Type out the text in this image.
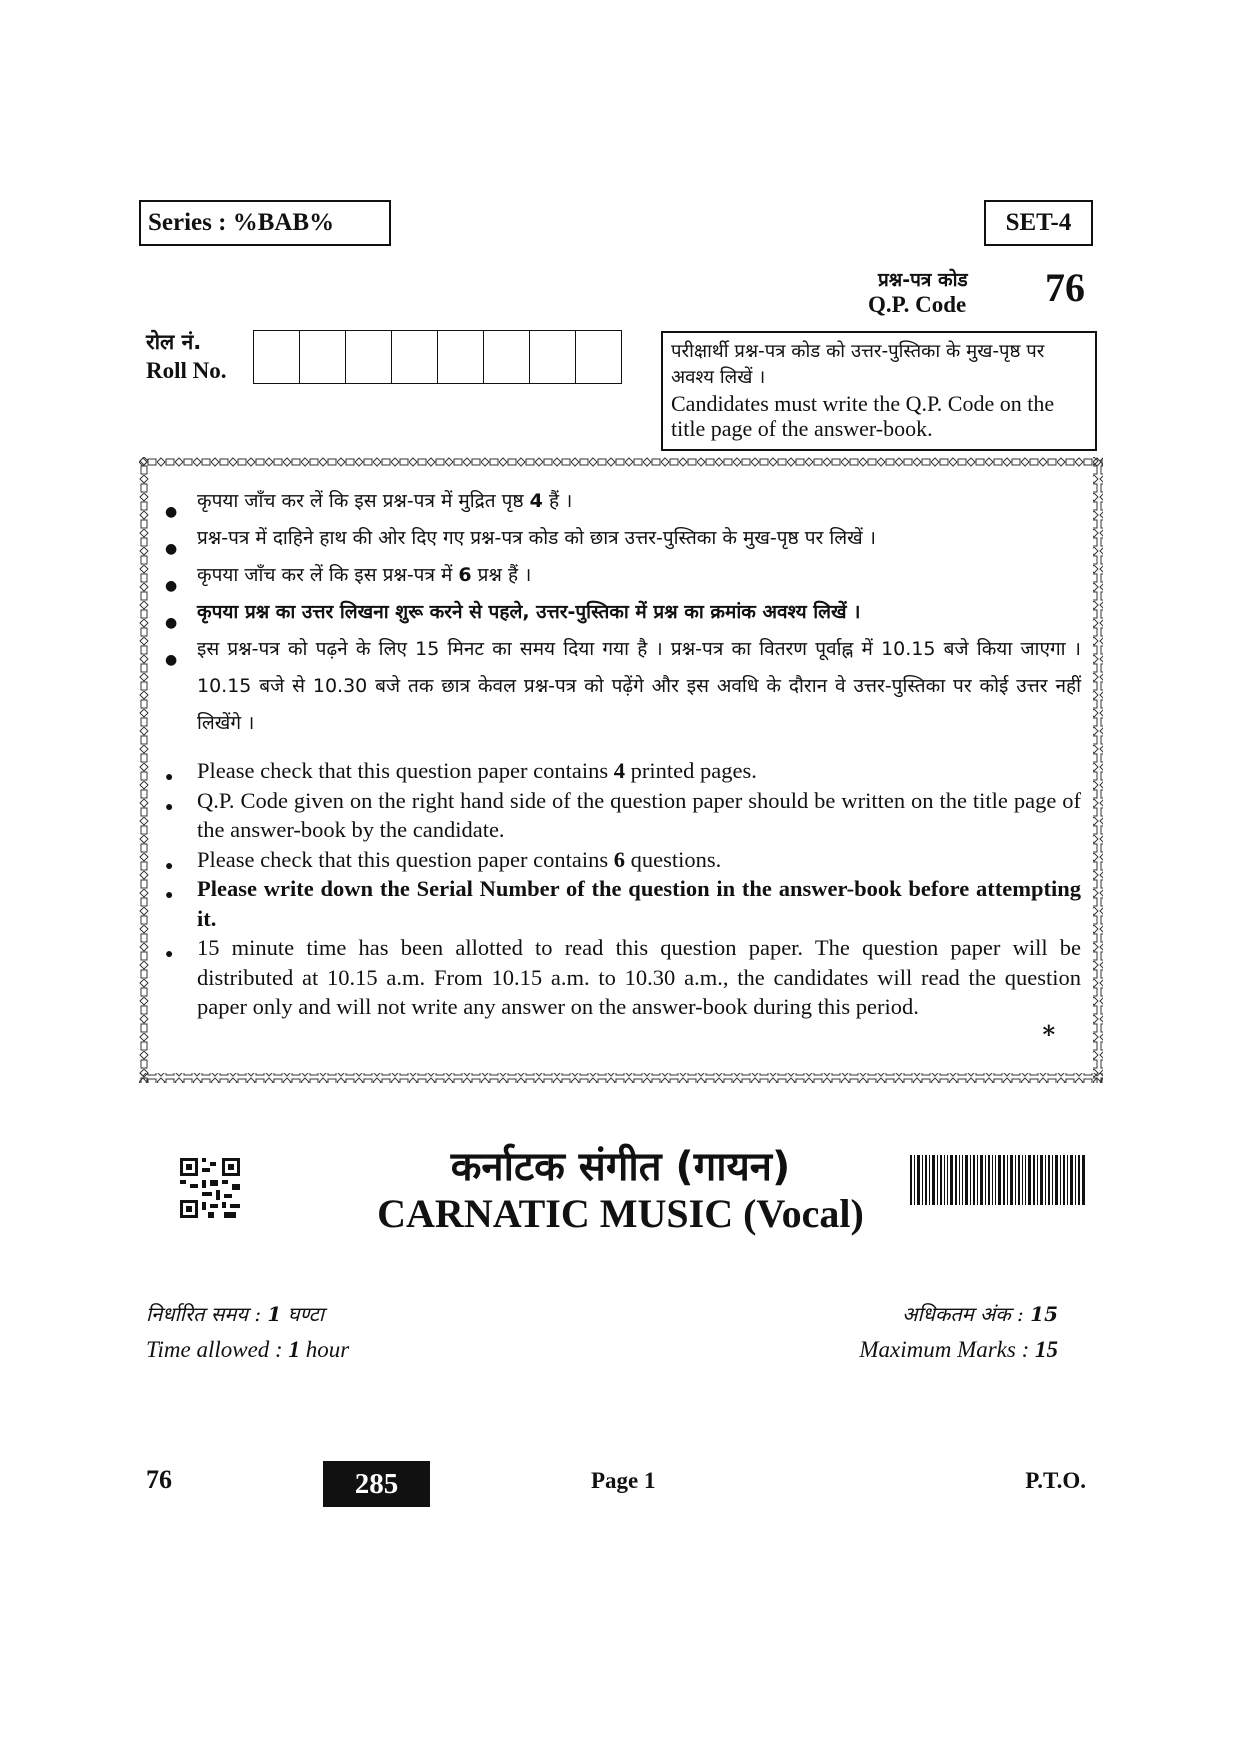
Series : %BAB%	SET-4
प्रश्न-पत्र कोड
Q.P. Code 76
रोल नं.
Roll No.
परीक्षार्थी प्रश्न-पत्र कोड को उत्तर-पुस्तिका के मुख-पृष्ठ पर अवश्य लिखें ।
Candidates must write the Q.P. Code on the title page of the answer-book.
● कृपया जाँच कर लें कि इस प्रश्न-पत्र में मुद्रित पृष्ठ 4 हैं ।
● प्रश्न-पत्र में दाहिने हाथ की ओर दिए गए प्रश्न-पत्र कोड को छात्र उत्तर-पुस्तिका के मुख-पृष्ठ पर लिखें ।
● कृपया जाँच कर लें कि इस प्रश्न-पत्र में 6 प्रश्न हैं ।
● कृपया प्रश्न का उत्तर लिखना शुरू करने से पहले, उत्तर-पुस्तिका में प्रश्न का क्रमांक अवश्य लिखें ।
● इस प्रश्न-पत्र को पढ़ने के लिए 15 मिनट का समय दिया गया है । प्रश्न-पत्र का वितरण पूर्वाह्न में 10.15 बजे किया जाएगा । 10.15 बजे से 10.30 बजे तक छात्र केवल प्रश्न-पत्र को पढ़ेंगे और इस अवधि के दौरान वे उत्तर-पुस्तिका पर कोई उत्तर नहीं लिखेंगे ।
● Please check that this question paper contains 4 printed pages.
● Q.P. Code given on the right hand side of the question paper should be written on the title page of the answer-book by the candidate.
● Please check that this question paper contains 6 questions.
● Please write down the Serial Number of the question in the answer-book before attempting it.
● 15 minute time has been allotted to read this question paper. The question paper will be distributed at 10.15 a.m. From 10.15 a.m. to 10.30 a.m., the candidates will read the question paper only and will not write any answer on the answer-book during this period.
*
कर्नाटक संगीत (गायन)
CARNATIC MUSIC (Vocal)
निर्धारित समय : 1 घण्टा
Time allowed : 1 hour
अधिकतम अंक : 15
Maximum Marks : 15
76	285	Page 1	P.T.O.
